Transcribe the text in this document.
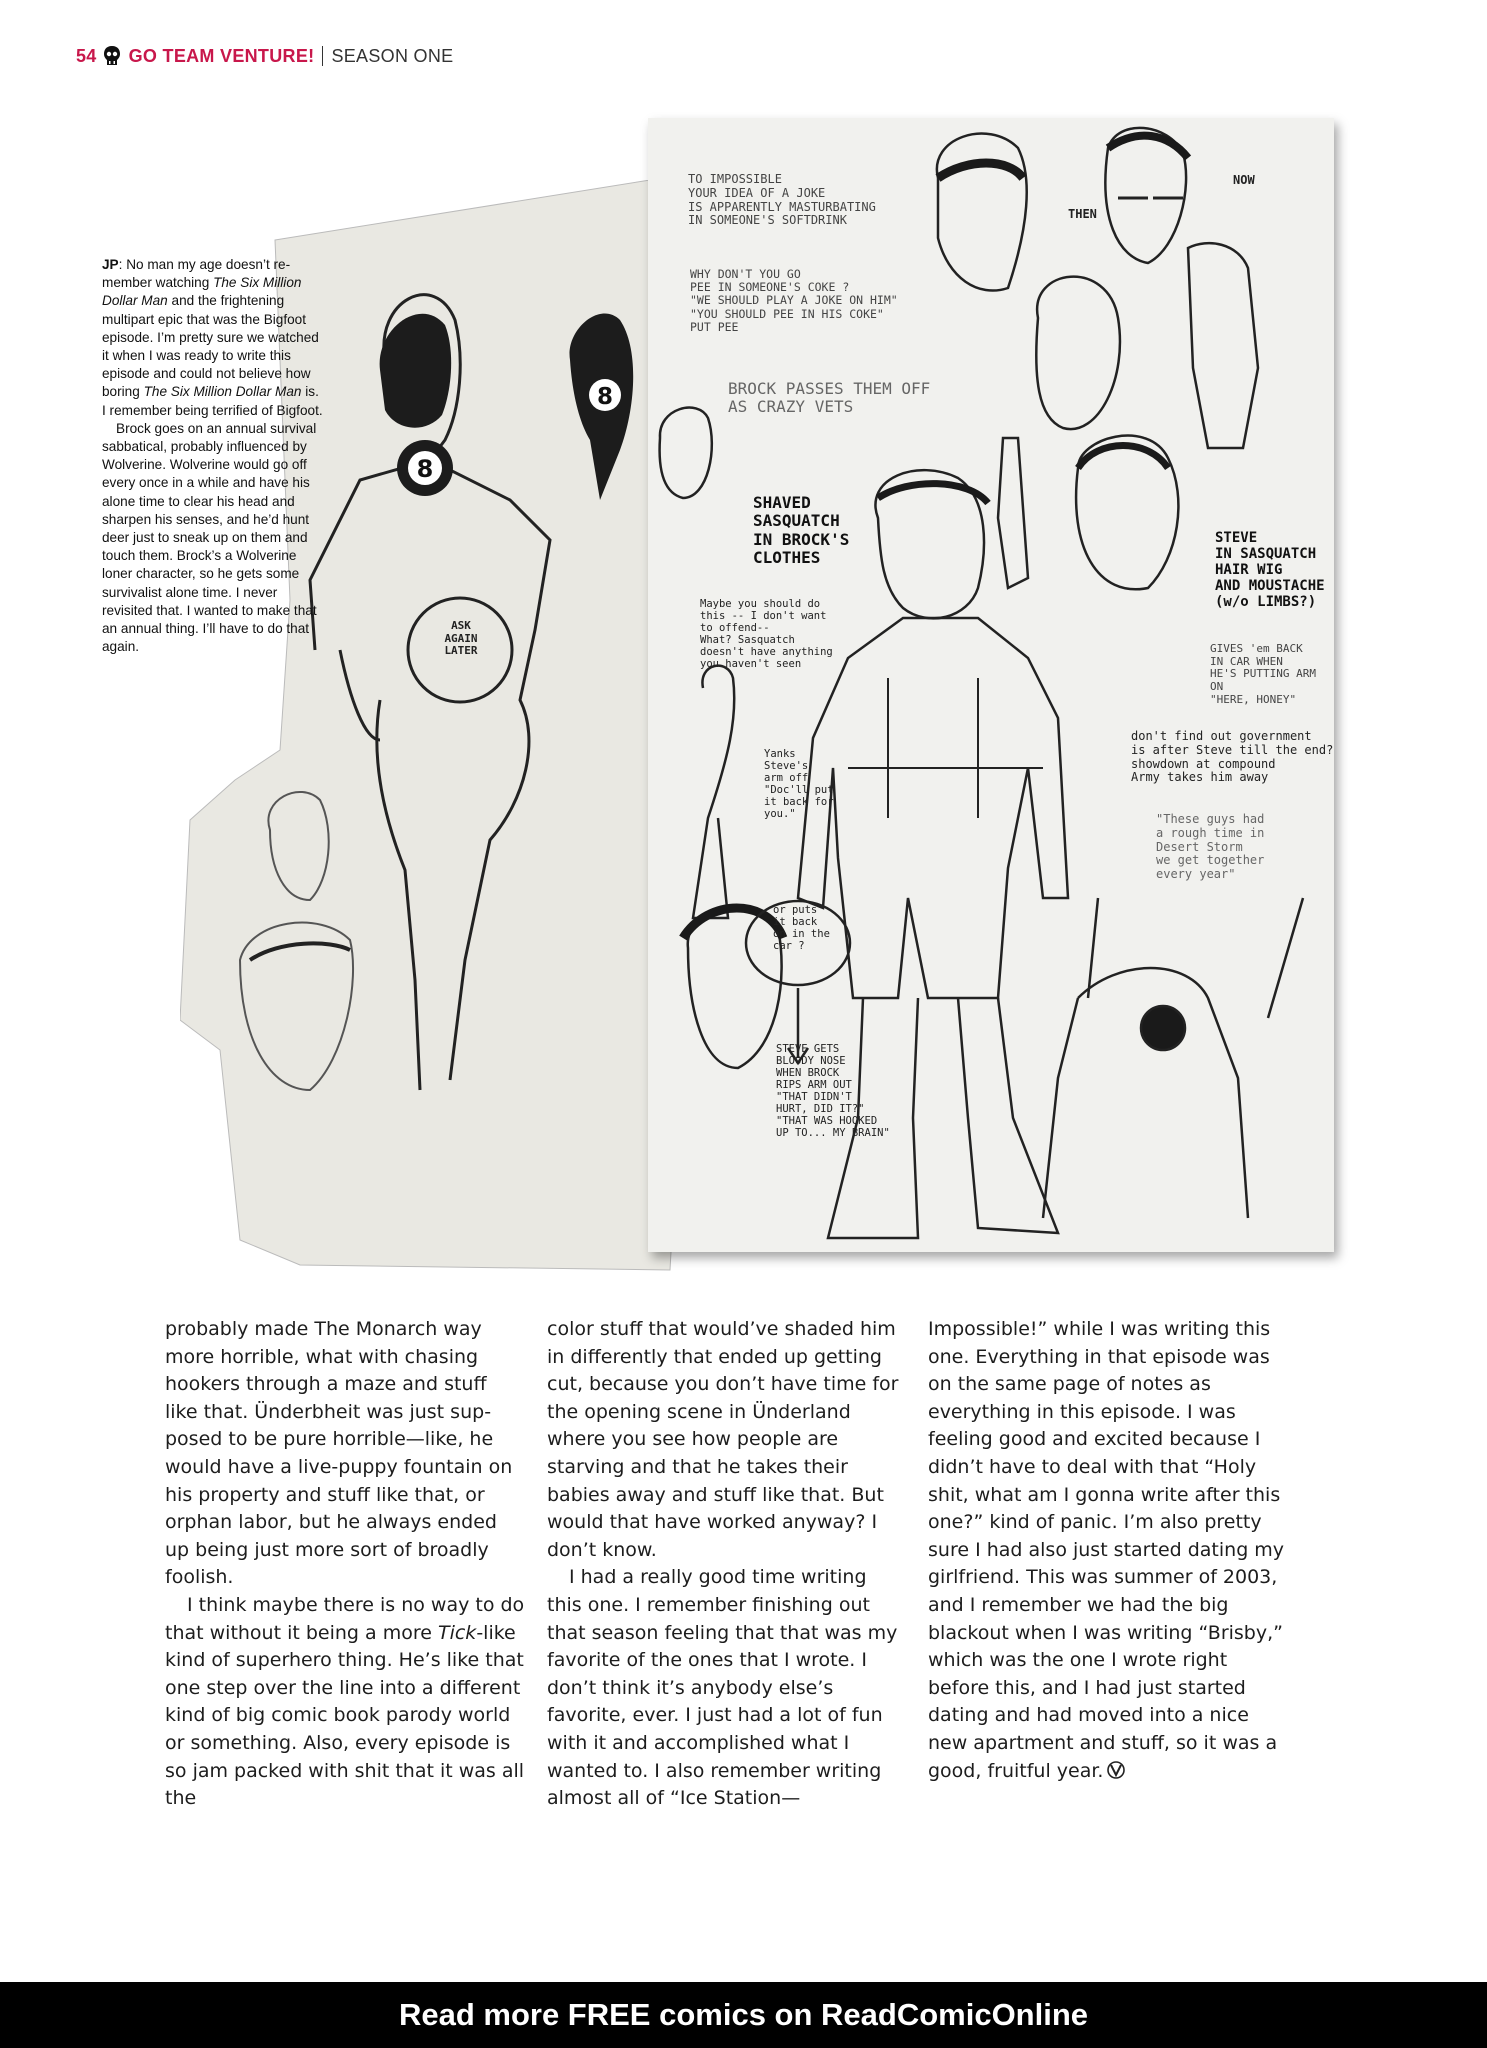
54 GO TEAM VENTURE! SEASON ONE
8
8
ASK
AGAIN
LATER
TO IMPOSSIBLE
YOUR IDEA OF A JOKE
IS APPARENTLY MASTURBATING
IN SOMEONE'S SOFTDRINK
WHY DON'T YOU GO
PEE IN SOMEONE'S COKE ?
"WE SHOULD PLAY A JOKE ON HIM"
"YOU SHOULD PEE IN HIS COKE"
PUT PEE
BROCK PASSES THEM OFF
AS CRAZY VETS
THEN
NOW
SHAVED
SASQUATCH
IN BROCK'S
CLOTHES
STEVE
IN SASQUATCH
HAIR WIG
AND MOUSTACHE
(w/o LIMBS?)
GIVES 'em BACK
IN CAR WHEN
HE'S PUTTING ARM
ON
"HERE, HONEY"
Maybe you should do
this -- I don't want
to offend--
What? Sasquatch
doesn't have anything
you haven't seen
don't find out government
is after Steve till the end?
showdown at compound
Army takes him away
"These guys had
a rough time in
Desert Storm
we get together
every year"
Yanks
Steve's
arm off
"Doc'll put
it back for
you."
or puts
it back
on in the
car ?
STEVE GETS
BLOODY NOSE
WHEN BROCK
RIPS ARM OUT
"THAT DIDN'T
HURT, DID IT?"
"THAT WAS HOOKED
UP TO... MY BRAIN"

JP: No man my age doesn’t remember watching The Six Million Dollar Man and the frightening multipart epic that was the Bigfoot episode. I’m pretty sure we watched it when I was ready to write this episode and could not believe how boring The Six Million Dollar Man is. I remember being terrified of Bigfoot.

Brock goes on an annual survival sabbatical, probably influenced by Wolverine. Wolverine would go off every once in a while and have his alone time to clear his head and sharpen his senses, and he’d hunt deer just to sneak up on them and touch them. Brock’s a Wolverine loner character, so he gets some survivalist alone time. I never revisited that. I wanted to make that an annual thing. I’ll have to do that again.

probably made The Monarch way more horrible, what with chasing hookers through a maze and stuff like that. Ünderbheit was just supposed to be pure horrible—like, he would have a live-puppy fountain on his property and stuff like that, or orphan labor, but he always ended up being just more sort of broadly foolish.

I think maybe there is no way to do that without it being a more Tick-like kind of superhero thing. He’s like that one step over the line into a different kind of big comic book parody world or something. Also, every episode is so jam packed with shit that it was all the

color stuff that would’ve shaded him in differently that ended up getting cut, because you don’t have time for the opening scene in Ünderland where you see how people are starving and that he takes their babies away and stuff like that. But would that have worked anyway? I don’t know.

I had a really good time writing this one. I remember finishing out that season feeling that that was my favorite of the ones that I wrote. I don’t think it’s anybody else’s favorite, ever. I just had a lot of fun with it and accomplished what I wanted to. I also remember writing almost all of “Ice Station—

Impossible!” while I was writing this one. Everything in that episode was on the same page of notes as everything in this episode. I was feeling good and excited because I didn’t have to deal with that “Holy shit, what am I gonna write after this one?” kind of panic. I’m also pretty sure I had also just started dating my girlfriend. This was summer of 2003, and I remember we had the big blackout when I was writing “Brisby,” which was the one I wrote right before this, and I had just started dating and had moved into a nice new apartment and stuff, so it was a good, fruitful year.

Read more FREE comics on ReadComicOnline
